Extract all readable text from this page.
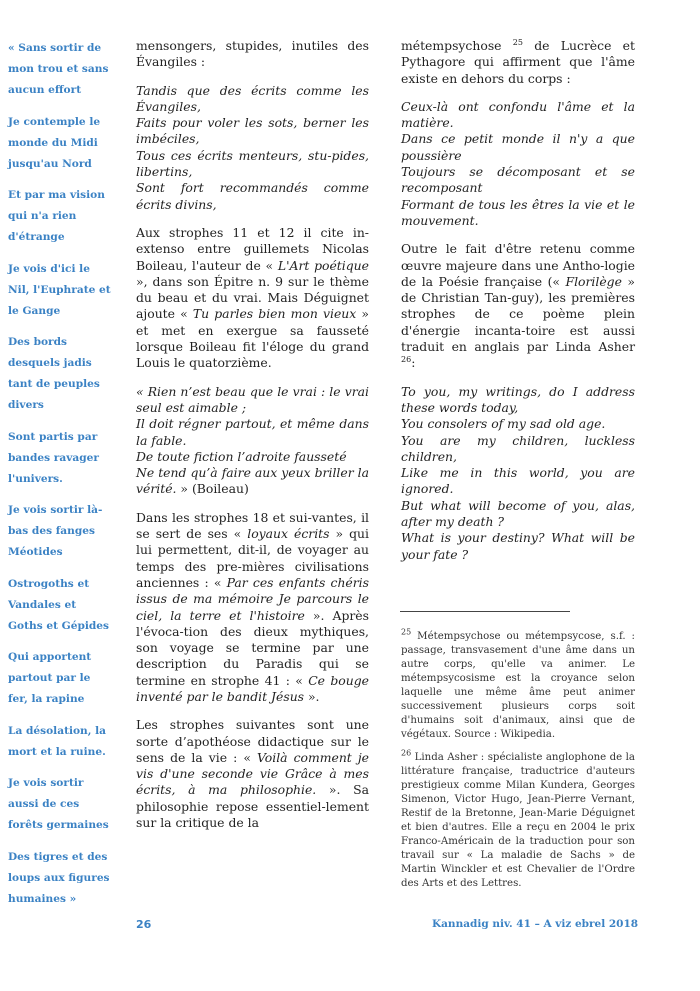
« Sans sortir de
mon trou et sans
aucun effort
Je contemple le
monde du Midi
jusqu'au Nord
Et par ma vision
qui n'a rien
d'étrange
Je vois d'ici le
Nil, l'Euphrate et
le Gange
Des bords
desquels jadis
tant de peuples
divers
Sont partis par
bandes ravager
l'univers.
Je vois sortir là-
bas des fanges
Méotides
Ostrogoths et
Vandales et
Goths et Gépides
Qui apportent
partout par le
fer, la rapine
La désolation, la
mort et la ruine.
Je vois sortir
aussi de ces
forêts germaines
Des tigres et des
loups aux figures
humaines »

mensongers, stupides, inutiles des Évangiles :

Tandis que des écrits comme les Évangiles,
Faits pour voler les sots, berner les imbéciles,
Tous ces écrits menteurs, stu-pides, libertins,
Sont fort recommandés comme écrits divins,

Aux strophes 11 et 12 il cite in-extenso entre guillemets Nicolas Boileau, l'auteur de « L'Art poétique », dans son Épitre n. 9 sur le thème du beau et du vrai. Mais Déguignet ajoute « Tu parles bien mon vieux » et met en exergue sa fausseté lorsque Boileau fit l'éloge du grand Louis le quatorzième.

« Rien n’est beau que le vrai : le vrai seul est aimable ;
Il doit régner partout, et même dans la fable.
De toute fiction l’adroite fausseté
Ne tend qu’à faire aux yeux briller la vérité. » (Boileau)

Dans les strophes 18 et sui-vantes, il se sert de ses « loyaux écrits » qui lui permettent, dit-il, de voyager au temps des pre-mières civilisations anciennes : « Par ces enfants chéris issus de ma mémoire Je parcours le ciel, la terre et l'histoire ». Après l'évoca-tion des dieux mythiques, son voyage se termine par une description du Paradis qui se termine en strophe 41 : « Ce bouge inventé par le bandit Jésus ».

Les strophes suivantes sont une sorte d’apothéose didactique sur le sens de la vie : « Voilà comment je vis d'une seconde vie Grâce à mes écrits, à ma philosophie. ». Sa philosophie repose essentiel-lement sur la critique de la

métempsychose $^{25}$ de Lucrèce et Pythagore qui affirment que l'âme existe en dehors du corps :

Ceux-là ont confondu l'âme et la matière.
Dans ce petit monde il n'y a que poussière
Toujours se décomposant et se recomposant
Formant de tous les êtres la vie et le mouvement.

Outre le fait d'être retenu comme œuvre majeure dans une Antho-logie de la Poésie française (« Florilège » de Christian Tan-guy), les premières strophes de ce poème plein d'énergie incanta-toire est aussi traduit en anglais par Linda Asher $^{26}$:

To you, my writings, do I address these words today,
You consolers of my sad old age.
You are my children, luckless children,
Like me in this world, you are ignored.
But what will become of you, alas, after my death ?
What is your destiny? What will be your fate ?

$^{25}$ Métempsychose ou métempsycose, s.f. : passage, transvasement d'une âme dans un autre corps, qu'elle va animer. Le métempsycosisme est la croyance selon laquelle une même âme peut animer successivement plusieurs corps soit d'humains soit d'animaux, ainsi que de végétaux. Source : Wikipedia.

$^{26}$ Linda Asher : spécialiste anglophone de la littérature française, traductrice d'auteurs prestigieux comme Milan Kundera, Georges Simenon, Victor Hugo, Jean-Pierre Vernant, Restif de la Bretonne, Jean-Marie Déguignet et bien d'autres. Elle a reçu en 2004 le prix Franco-Américain de la traduction pour son travail sur « La maladie de Sachs » de Martin Winckler et est Chevalier de l'Ordre des Arts et des Lettres.

26	Kannadig niv. 41 – A viz ebrel 2018
